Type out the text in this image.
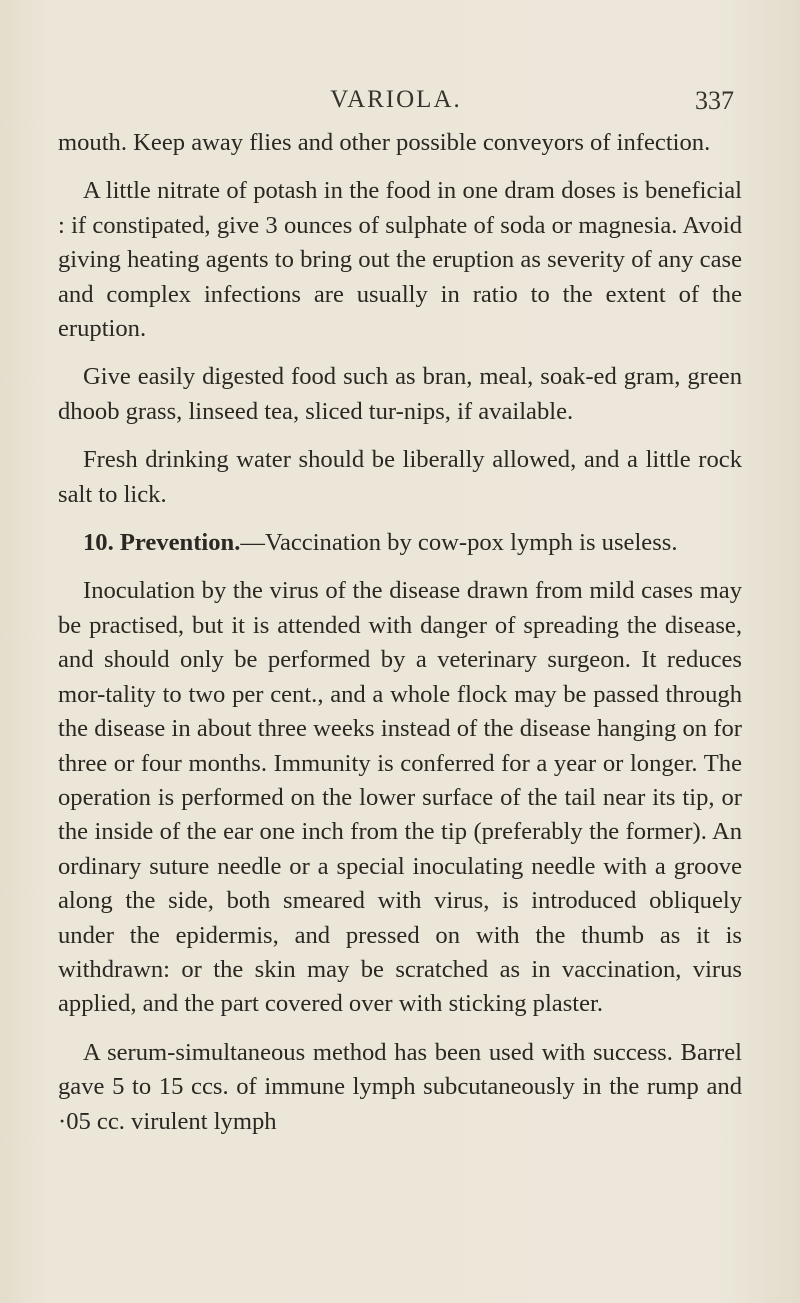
VARIOLA.	337

mouth. Keep away flies and other possible conveyors of infection.

A little nitrate of potash in the food in one dram doses is beneficial : if constipated, give 3 ounces of sulphate of soda or magnesia. Avoid giving heating agents to bring out the eruption as severity of any case and complex infections are usually in ratio to the extent of the eruption.

Give easily digested food such as bran, meal, soak-ed gram, green dhoob grass, linseed tea, sliced tur-nips, if available.

Fresh drinking water should be liberally allowed, and a little rock salt to lick.

10. Prevention.—Vaccination by cow-pox lymph is useless.

Inoculation by the virus of the disease drawn from mild cases may be practised, but it is attended with danger of spreading the disease, and should only be performed by a veterinary surgeon. It reduces mor-tality to two per cent., and a whole flock may be passed through the disease in about three weeks instead of the disease hanging on for three or four months. Immunity is conferred for a year or longer. The operation is performed on the lower surface of the tail near its tip, or the inside of the ear one inch from the tip (preferably the former). An ordinary suture needle or a special inoculating needle with a groove along the side, both smeared with virus, is introduced obliquely under the epidermis, and pressed on with the thumb as it is withdrawn: or the skin may be scratched as in vaccination, virus applied, and the part covered over with sticking plaster.

A serum-simultaneous method has been used with success. Barrel gave 5 to 15 ccs. of immune lymph subcutaneously in the rump and ·05 cc. virulent lymph
